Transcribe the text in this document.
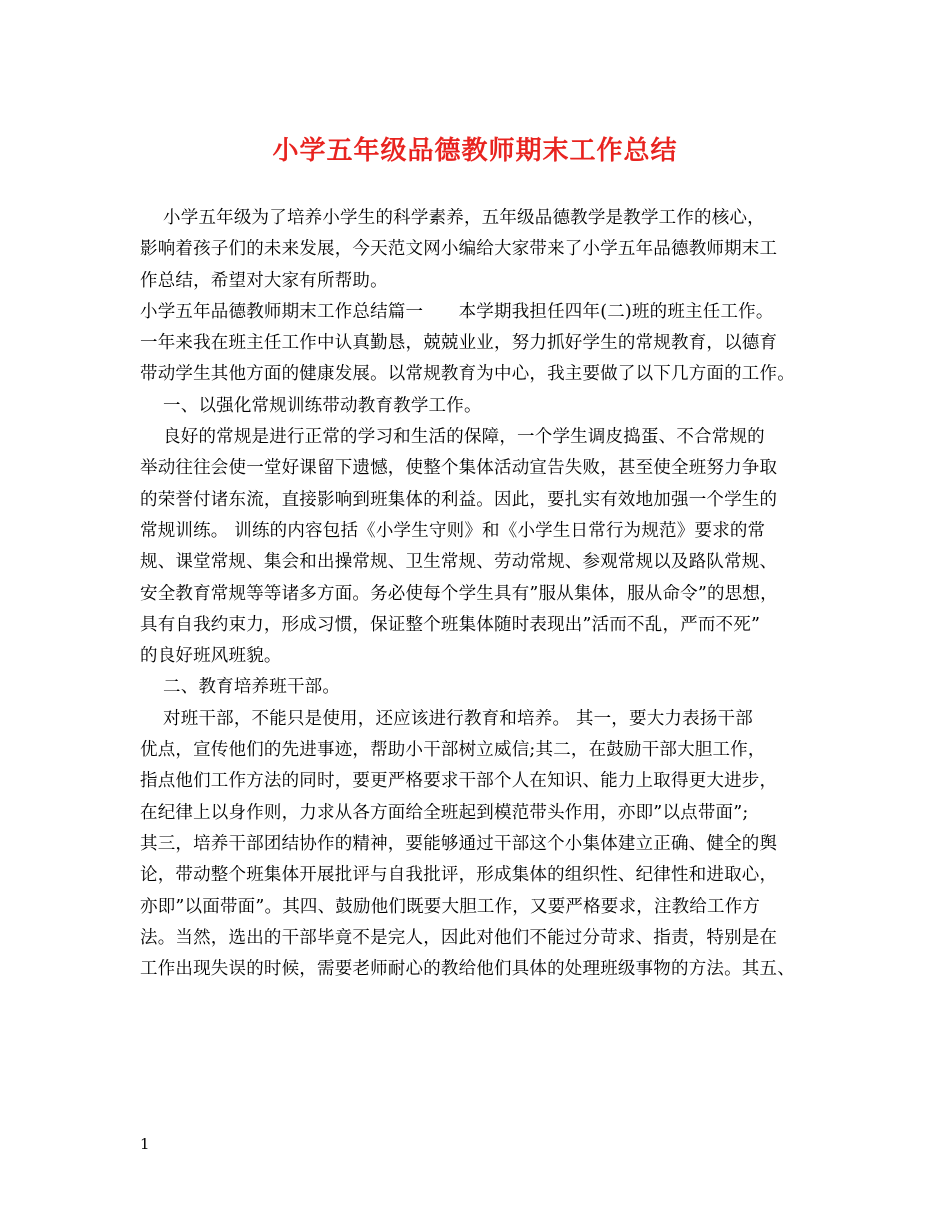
小学五年级品德教师期末工作总结
小学五年级为了培养小学生的科学素养，五年级品德教学是教学工作的核心，
影响着孩子们的未来发展，今天范文网小编给大家带来了小学五年品德教师期末工
作总结，希望对大家有所帮助。
小学五年品德教师期末工作总结篇一　　本学期我担任四年(二)班的班主任工作。
一年来我在班主任工作中认真勤恳，兢兢业业，努力抓好学生的常规教育，以德育
带动学生其他方面的健康发展。以常规教育为中心，我主要做了以下几方面的工作。
一、以强化常规训练带动教育教学工作。
良好的常规是进行正常的学习和生活的保障，一个学生调皮捣蛋、不合常规的
举动往往会使一堂好课留下遗憾，使整个集体活动宣告失败，甚至使全班努力争取
的荣誉付诸东流，直接影响到班集体的利益。因此，要扎实有效地加强一个学生的
常规训练。 训练的内容包括《小学生守则》和《小学生日常行为规范》要求的常
规、课堂常规、集会和出操常规、卫生常规、劳动常规、参观常规以及路队常规、
安全教育常规等等诸多方面。务必使每个学生具有”服从集体，服从命令”的思想，
具有自我约束力，形成习惯，保证整个班集体随时表现出”活而不乱，严而不死”
的良好班风班貌。
二、教育培养班干部。
对班干部，不能只是使用，还应该进行教育和培养。 其一，要大力表扬干部
优点，宣传他们的先进事迹，帮助小干部树立威信;其二，在鼓励干部大胆工作，
指点他们工作方法的同时，要更严格要求干部个人在知识、能力上取得更大进步，
在纪律上以身作则，力求从各方面给全班起到模范带头作用，亦即”以点带面”;
其三，培养干部团结协作的精神，要能够通过干部这个小集体建立正确、健全的舆
论，带动整个班集体开展批评与自我批评，形成集体的组织性、纪律性和进取心，
亦即”以面带面”。其四、鼓励他们既要大胆工作，又要严格要求，注教给工作方
法。当然，选出的干部毕竟不是完人，因此对他们不能过分苛求、指责，特别是在
工作出现失误的时候，需要老师耐心的教给他们具体的处理班级事物的方法。其五、
1
